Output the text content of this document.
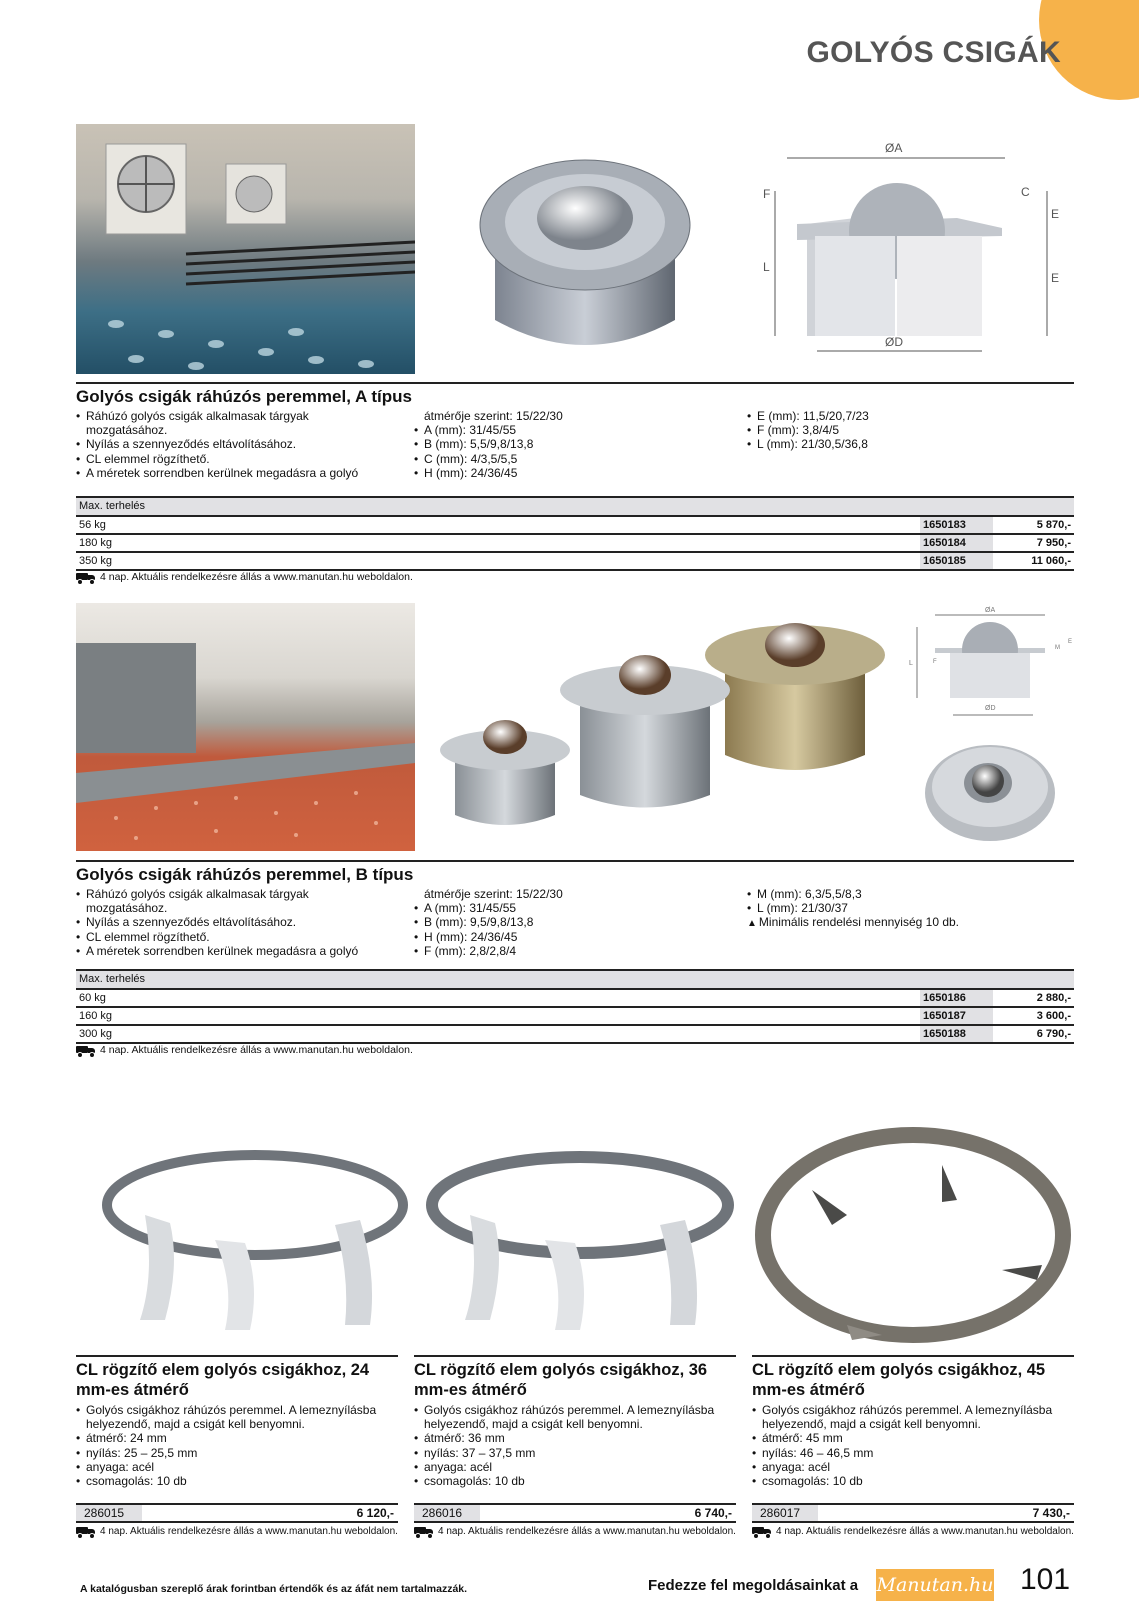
GOLYÓS CSIGÁK
ØA
L
F	C
E
E
ØD
Golyós csigák ráhúzós peremmel, A típus
• Ráhúzó golyós csigák alkalmasak tárgyak
mozgatásához.
• Nyílás a szennyeződés eltávolításához.
• CL elemmel rögzíthető.
• A méretek sorrendben kerülnek megadásra a golyó
átmérője szerint: 15/22/30
• A (mm): 31/45/55
• B (mm): 5,5/9,8/13,8
• C (mm): 4/3,5/5,5
• H (mm): 24/36/45
• E (mm): 11,5/20,7/23
• F (mm): 3,8/4/5
• L (mm): 21/30,5/36,8
Max. terhelés
56 kg	1650183	5 870,-
180 kg	1650184	7 950,-
350 kg	1650185	11 060,-
4 nap. Aktuális rendelkezésre állás a www.manutan.hu weboldalon.
ØA
L	F
M
E
ØD
Golyós csigák ráhúzós peremmel, B típus
• Ráhúzó golyós csigák alkalmasak tárgyak
mozgatásához.
• Nyílás a szennyeződés eltávolításához.
• CL elemmel rögzíthető.
• A méretek sorrendben kerülnek megadásra a golyó
átmérője szerint: 15/22/30
• A (mm): 31/45/55
• B (mm): 9,5/9,8/13,8
• H (mm): 24/36/45
• F (mm): 2,8/2,8/4
• M (mm): 6,3/5,5/8,3
• L (mm): 21/30/37
▲ Minimális rendelési mennyiség 10 db.
Max. terhelés
60 kg	1650186	2 880,-
160 kg	1650187	3 600,-
300 kg	1650188	6 790,-
4 nap. Aktuális rendelkezésre állás a www.manutan.hu weboldalon.
CL rögzítő elem golyós csigákhoz, 24
mm-es átmérő
• Golyós csigákhoz ráhúzós peremmel. A lemeznyílásba
helyezendő, majd a csigát kell benyomni.
• átmérő: 24 mm
• nyílás: 25 – 25,5 mm
• anyaga: acél
• csomagolás: 10 db
286015	6 120,-
4 nap. Aktuális rendelkezésre állás a www.manutan.hu weboldalon.
CL rögzítő elem golyós csigákhoz, 36
mm-es átmérő
• Golyós csigákhoz ráhúzós peremmel. A lemeznyílásba
helyezendő, majd a csigát kell benyomni.
• átmérő: 36 mm
• nyílás: 37 – 37,5 mm
• anyaga: acél
• csomagolás: 10 db
286016	6 740,-
4 nap. Aktuális rendelkezésre állás a www.manutan.hu weboldalon.
CL rögzítő elem golyós csigákhoz, 45
mm-es átmérő
• Golyós csigákhoz ráhúzós peremmel. A lemeznyílásba
helyezendő, majd a csigát kell benyomni.
• átmérő: 45 mm
• nyílás: 46 – 46,5 mm
• anyaga: acél
• csomagolás: 10 db
286017	7 430,-
4 nap. Aktuális rendelkezésre állás a www.manutan.hu weboldalon.
A katalógusban szereplő árak forintban értendők és az áfát nem tartalmazzák.	Fedezze fel megoldásainkat a Manutan.hu 101
